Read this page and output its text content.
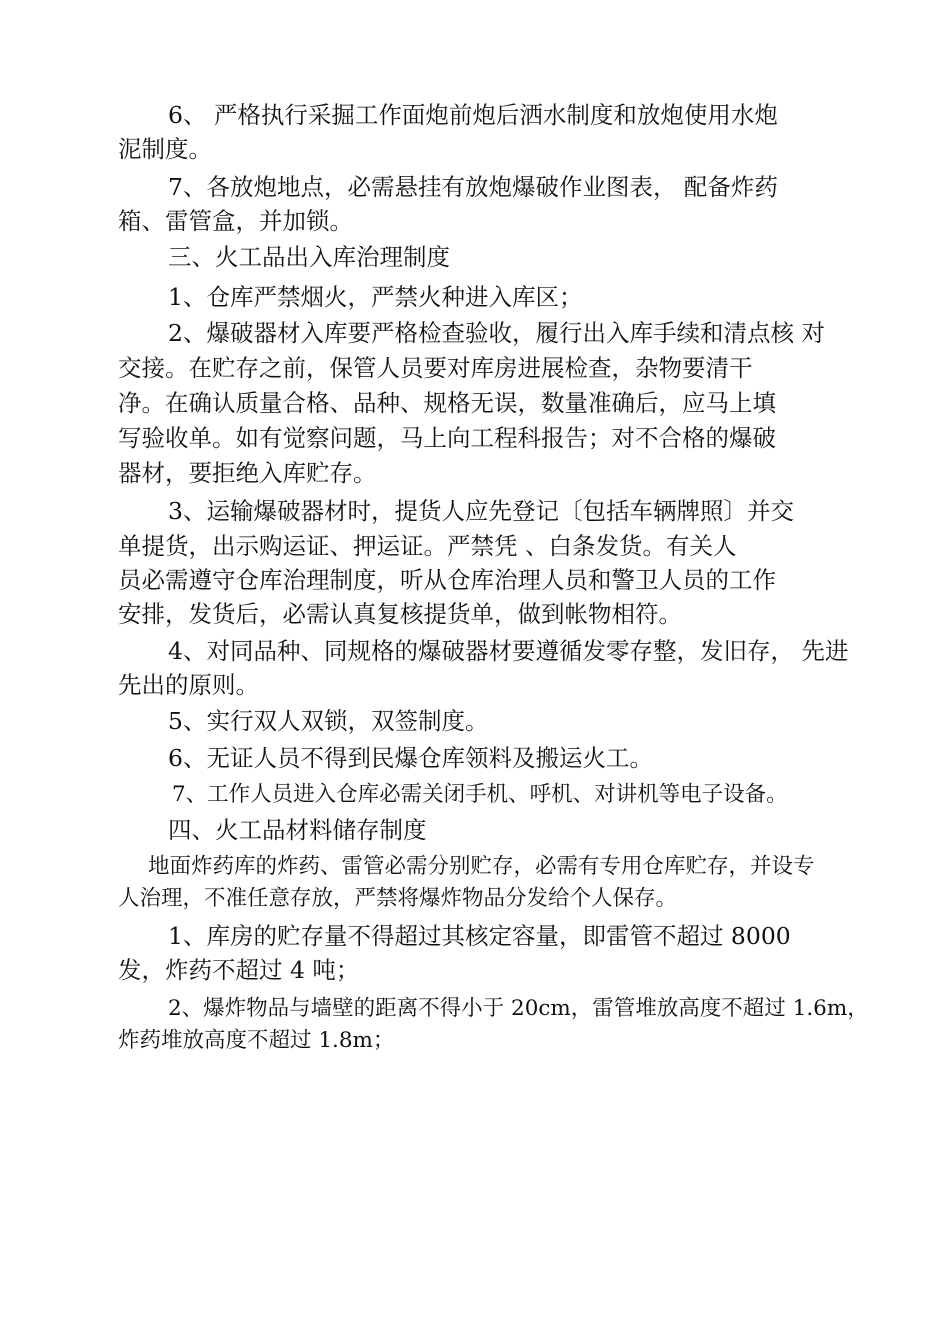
6、 严格执行采掘工作面炮前炮后洒水制度和放炮使用水炮
泥制度。
7、各放炮地点，必需悬挂有放炮爆破作业图表， 配备炸药
箱、雷管盒，并加锁。
三、火工品出入库治理制度
1、仓库严禁烟火，严禁火种进入库区；
2、爆破器材入库要严格检查验收，履行出入库手续和清点核 对
交接。在贮存之前，保管人员要对库房进展检查，杂物要清干
净。在确认质量合格、品种、规格无误，数量准确后，应马上填
写验收单。如有觉察问题，马上向工程科报告；对不合格的爆破
器材，要拒绝入库贮存。
3、运输爆破器材时，提货人应先登记〔包括车辆牌照〕并交
单提货，出示购运证、押运证。严禁凭 、白条发货。有关人
员必需遵守仓库治理制度，听从仓库治理人员和警卫人员的工作
安排，发货后，必需认真复核提货单，做到帐物相符。
4、对同品种、同规格的爆破器材要遵循发零存整，发旧存， 先进
先出的原则。
5、实行双人双锁，双签制度。
6、无证人员不得到民爆仓库领料及搬运火工。
7、工作人员进入仓库必需关闭手机、呼机、对讲机等电子设备。
四、火工品材料储存制度
地面炸药库的炸药、雷管必需分别贮存，必需有专用仓库贮存，并设专
人治理，不准任意存放，严禁将爆炸物品分发给个人保存。
1、库房的贮存量不得超过其核定容量，即雷管不超过 8000
发，炸药不超过 4 吨；
2、爆炸物品与墙壁的距离不得小于 20cm，雷管堆放高度不超过 1.6m，
炸药堆放高度不超过 1.8m；
